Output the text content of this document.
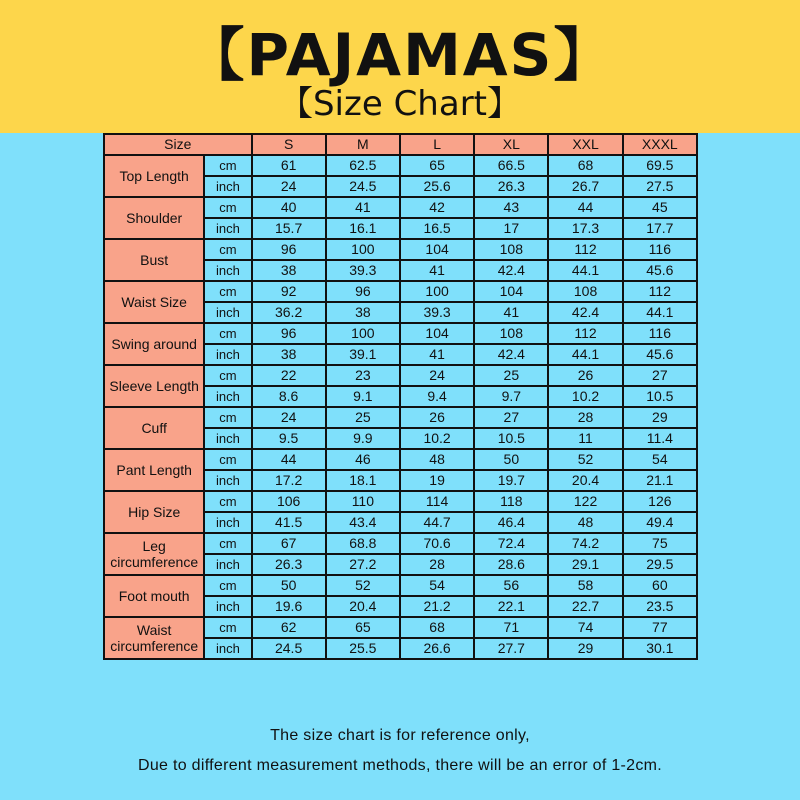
【PAJAMAS】
【Size Chart】
Size		S	M	L	XL	XXL	XXXL
Top Length	cm	61	62.5	65	66.5	68	69.5
	inch	24	24.5	25.6	26.3	26.7	27.5
Shoulder	cm	40	41	42	43	44	45
	inch	15.7	16.1	16.5	17	17.3	17.7
Bust	cm	96	100	104	108	112	116
	inch	38	39.3	41	42.4	44.1	45.6
Waist Size	cm	92	96	100	104	108	112
	inch	36.2	38	39.3	41	42.4	44.1
Swing around	cm	96	100	104	108	112	116
	inch	38	39.1	41	42.4	44.1	45.6
Sleeve Length	cm	22	23	24	25	26	27
	inch	8.6	9.1	9.4	9.7	10.2	10.5
Cuff	cm	24	25	26	27	28	29
	inch	9.5	9.9	10.2	10.5	11	11.4
Pant Length	cm	44	46	48	50	52	54
	inch	17.2	18.1	19	19.7	20.4	21.1
Hip Size	cm	106	110	114	118	122	126
	inch	41.5	43.4	44.7	46.4	48	49.4
Leg circumference	cm	67	68.8	70.6	72.4	74.2	75
	inch	26.3	27.2	28	28.6	29.1	29.5
Foot mouth	cm	50	52	54	56	58	60
	inch	19.6	20.4	21.2	22.1	22.7	23.5
Waist circumference	cm	62	65	68	71	74	77
	inch	24.5	25.5	26.6	27.7	29	30.1
The size chart is for reference only,
Due to different measurement methods, there will be an error of 1-2cm.
